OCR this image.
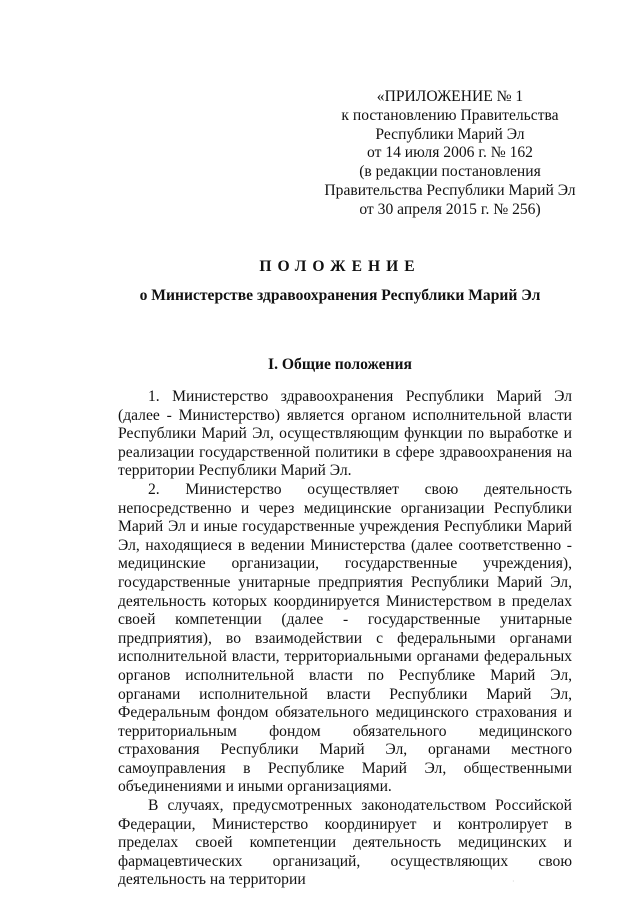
«ПРИЛОЖЕНИЕ № 1
к постановлению Правительства
Республики Марий Эл
от 14 июля 2006 г. № 162
(в редакции постановления
Правительства Республики Марий Эл
от 30 апреля 2015 г. № 256)
ПОЛОЖЕНИЕ
о Министерстве здравоохранения Республики Марий Эл
I. Общие положения

1. Министерство здравоохранения Республики Марий Эл (далее - Министерство) является органом исполнительной власти Республики Марий Эл, осуществляющим функции по выработке и реализации государственной политики в сфере здравоохранения на территории Республики Марий Эл.

2. Министерство осуществляет свою деятельность непосредственно и через медицинские организации Республики Марий Эл и иные государственные учреждения Республики Марий Эл, находящиеся в ведении Министерства (далее соответственно - медицинские организации, государственные учреждения), государственные унитарные предприятия Республики Марий Эл, деятельность которых координируется Министерством в пределах своей компетенции (далее - государственные унитарные предприятия), во взаимодействии с федеральными органами исполнительной власти, территориальными органами федеральных органов исполнительной власти по Республике Марий Эл, органами исполнительной власти Республики Марий Эл, Федеральным фондом обязательного медицинского страхования и территориальным фондом обязательного медицинского страхования Республики Марий Эл, органами местного самоуправления в Республике Марий Эл, общественными объединениями и иными организациями.

В случаях, предусмотренных законодательством Российской Федерации, Министерство координирует и контролирует в пределах своей компетенции деятельность медицинских и фармацевтических организаций, осуществляющих свою деятельность на территории	·
